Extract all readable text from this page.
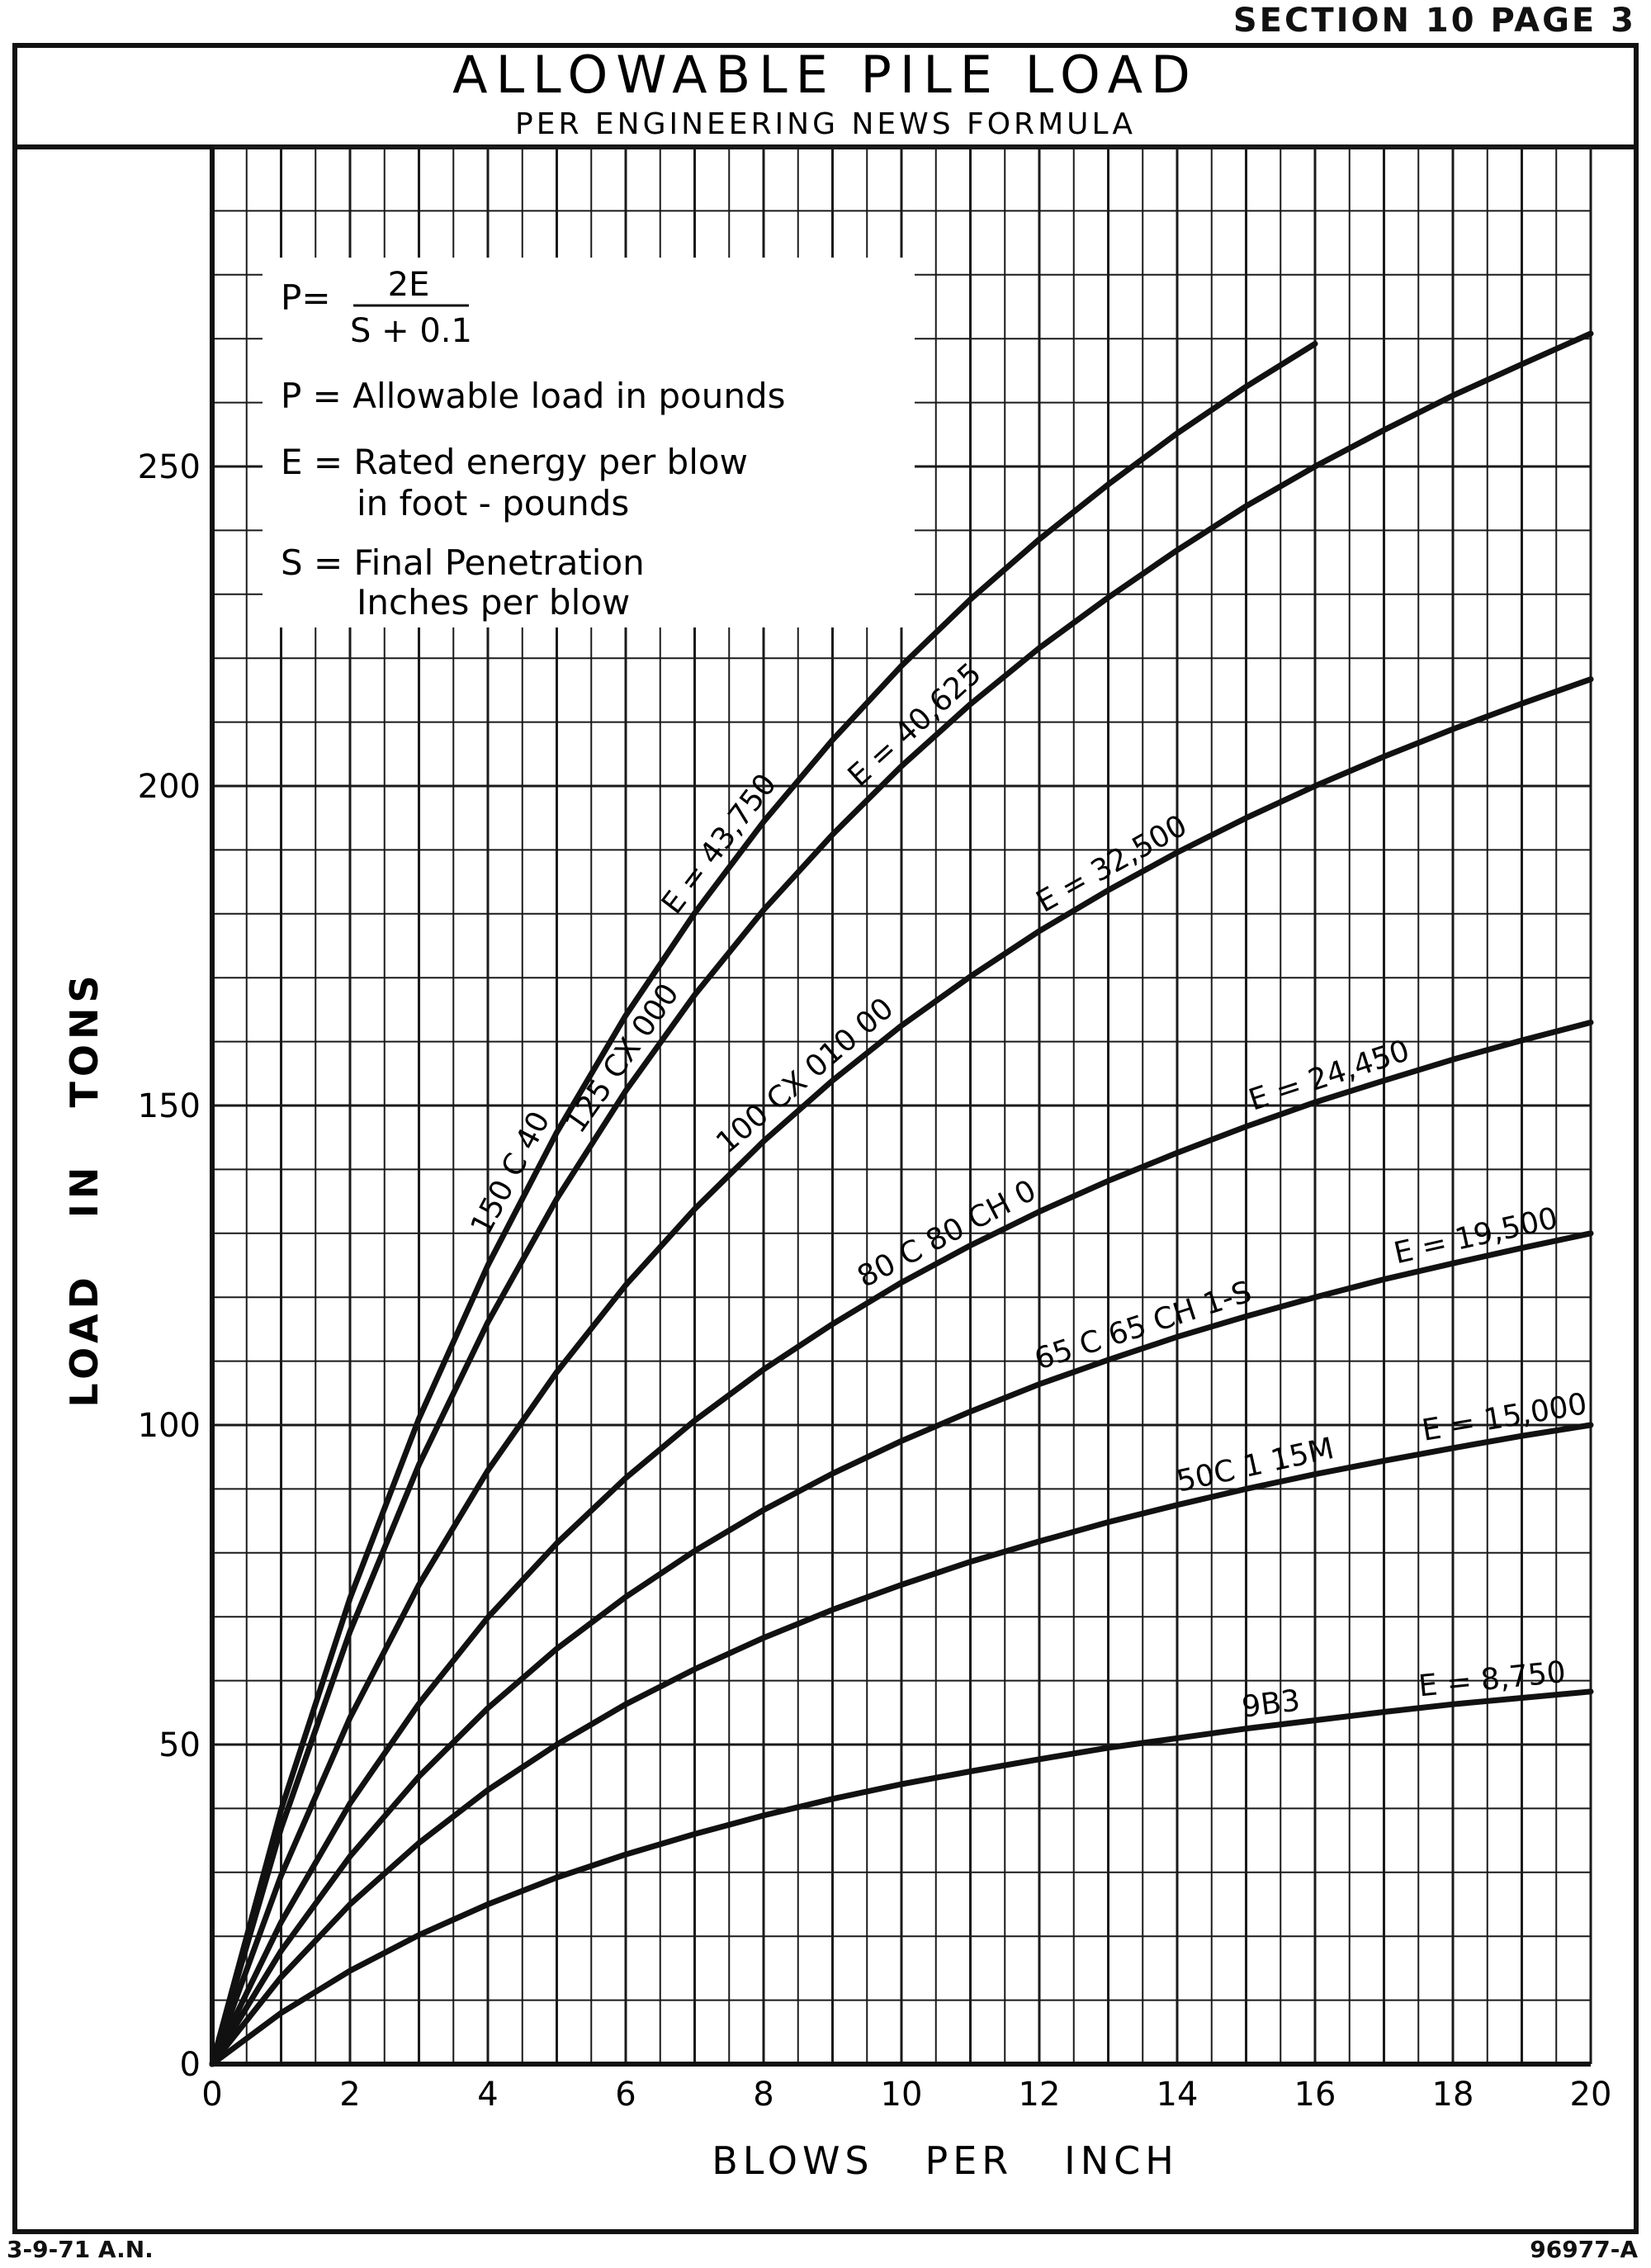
SECTION 10 PAGE 3
ALLOWABLE PILE LOAD
PER ENGINEERING NEWS FORMULA
0	2	4	6	8	10	12	14	16	18	20
0
50
100
150
200
250
P= 2E
S + 0.1
P = Allowable load in pounds
E = Rated energy per blow
in foot - pounds
S = Final Penetration
Inches per blow
150 C 40
E = 43,750
125 CX 000
E = 40,625
100 CX 010 00
E = 32,500
80 C 80 CH 0
E = 24,450
65 C 65 CH 1-S
E = 19,500
50C 1 15M
E = 15,000
9B3
E = 8,750
BLOWS   PER   INCH
LOAD   IN   TONS
3-9-71 A.N.	96977-A
